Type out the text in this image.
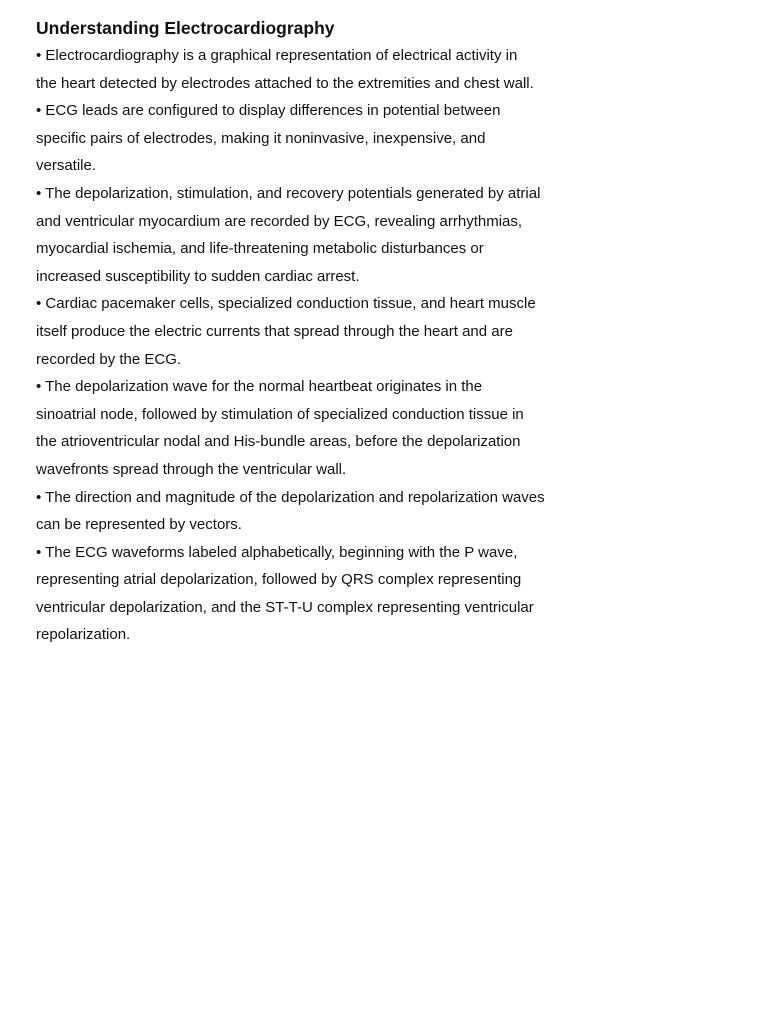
Understanding Electrocardiography
• Electrocardiography is a graphical representation of electrical activity in
the heart detected by electrodes attached to the extremities and chest wall.
• ECG leads are configured to display differences in potential between
specific pairs of electrodes, making it noninvasive, inexpensive, and
versatile.
• The depolarization, stimulation, and recovery potentials generated by atrial
and ventricular myocardium are recorded by ECG, revealing arrhythmias,
myocardial ischemia, and life-threatening metabolic disturbances or
increased susceptibility to sudden cardiac arrest.
• Cardiac pacemaker cells, specialized conduction tissue, and heart muscle
itself produce the electric currents that spread through the heart and are
recorded by the ECG.
• The depolarization wave for the normal heartbeat originates in the
sinoatrial node, followed by stimulation of specialized conduction tissue in
the atrioventricular nodal and His-bundle areas, before the depolarization
wavefronts spread through the ventricular wall.
• The direction and magnitude of the depolarization and repolarization waves
can be represented by vectors.
• The ECG waveforms labeled alphabetically, beginning with the P wave,
representing atrial depolarization, followed by QRS complex representing
ventricular depolarization, and the ST-T-U complex representing ventricular
repolarization.
